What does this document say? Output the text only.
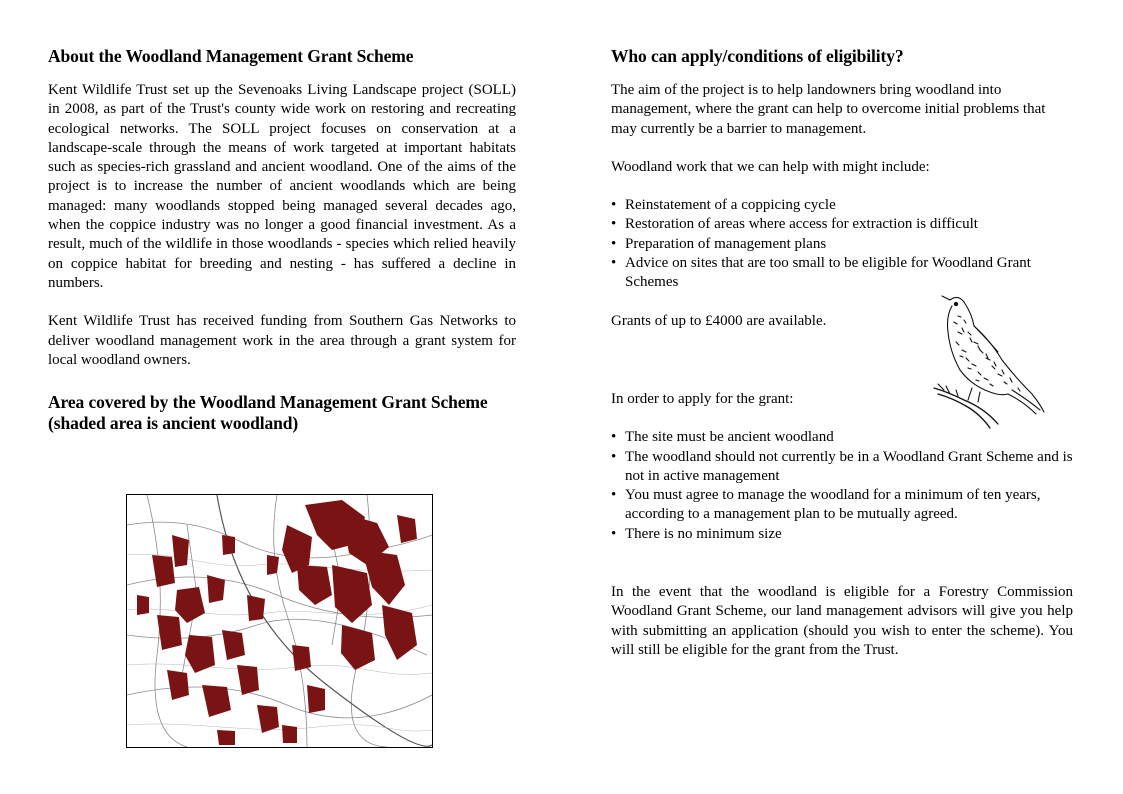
About the Woodland Management Grant Scheme

Kent Wildlife Trust set up the Sevenoaks Living Landscape project (SOLL) in 2008, as part of the Trust's county wide work on restoring and recreating ecological networks. The SOLL project focuses on conservation at a landscape-scale through the means of work targeted at important habitats such as species-rich grassland and ancient woodland. One of the aims of the project is to increase the number of ancient woodlands which are being managed: many woodlands stopped being managed several decades ago, when the coppice industry was no longer a good financial investment. As a result, much of the wildlife in those woodlands - species which relied heavily on coppice habitat for breeding and nesting - has suffered a decline in numbers.

Kent Wildlife Trust has received funding from Southern Gas Networks to deliver woodland management work in the area through a grant system for local woodland owners.

Area covered by the Woodland Management Grant Scheme (shaded area is ancient woodland)
Who can apply/conditions of eligibility?

The aim of the project is to help landowners bring woodland into management, where the grant can help to overcome initial problems that may currently be a barrier to management.

Woodland work that we can help with might include:

• Reinstatement of a coppicing cycle
• Restoration of areas where access for extraction is difficult
• Preparation of management plans
• Advice on sites that are too small to be eligible for Woodland Grant Schemes

Grants of up to £4000 are available.

In order to apply for the grant:

• The site must be ancient woodland
• The woodland should not currently be in a Woodland Grant Scheme and is not in active management
• You must agree to manage the woodland for a minimum of ten years, according to a management plan to be mutually agreed.
• There is no minimum size

In the event that the woodland is eligible for a Forestry Commission Woodland Grant Scheme, our land management advisors will give you help with submitting an application (should you wish to enter the scheme). You will still be eligible for the grant from the Trust.
